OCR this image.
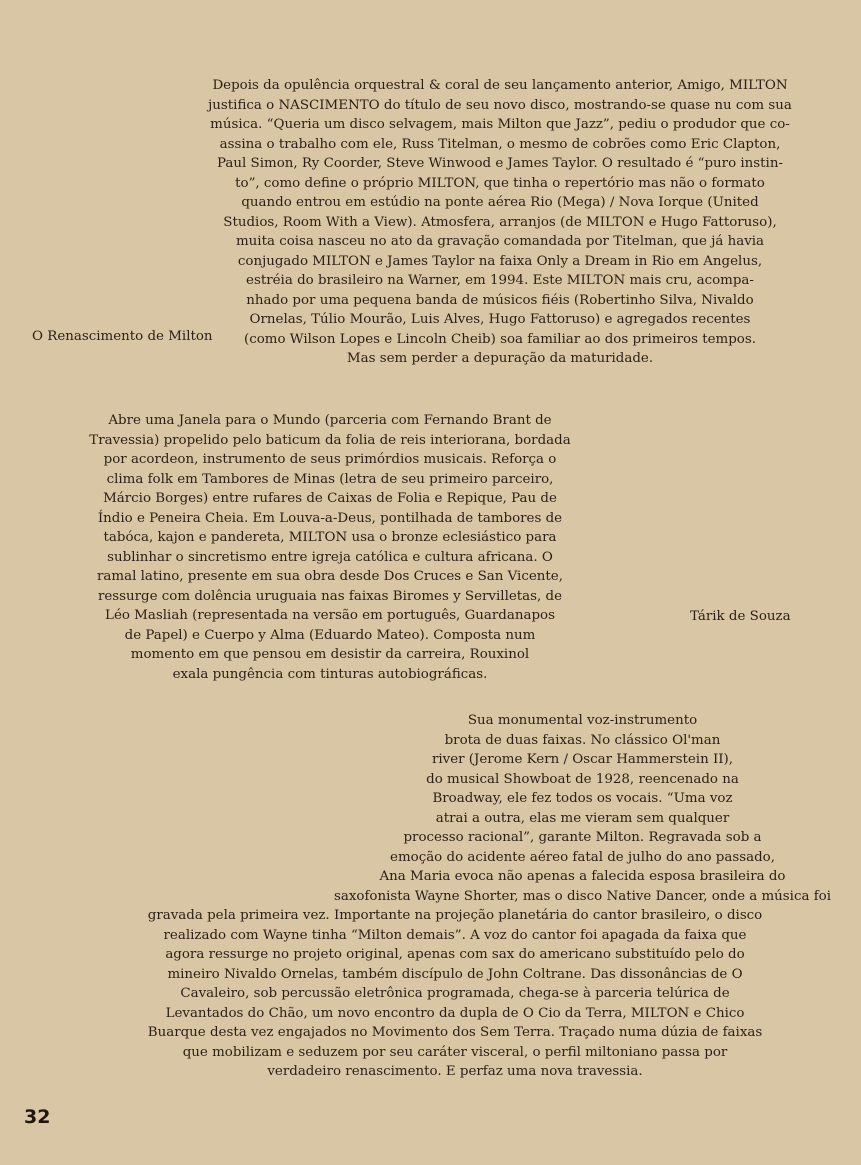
Depois da opulência orquestral & coral de seu lançamento anterior, Amigo, MILTON
justifica o NASCIMENTO do título de seu novo disco, mostrando-se quase nu com sua
música. “Queria um disco selvagem, mais Milton que Jazz”, pediu o produdor que co-
assina o trabalho com ele, Russ Titelman, o mesmo de cobrões como Eric Clapton,
Paul Simon, Ry Coorder, Steve Winwood e James Taylor. O resultado é “puro instin-
to”, como define o próprio MILTON, que tinha o repertório mas não o formato
quando entrou em estúdio na ponte aérea Rio (Mega) / Nova Iorque (United
Studios, Room With a View). Atmosfera, arranjos (de MILTON e Hugo Fattoruso),
muita coisa nasceu no ato da gravação comandada por Titelman, que já havia
conjugado MILTON e James Taylor na faixa Only a Dream in Rio em Angelus,
estréia do brasileiro na Warner, em 1994. Este MILTON mais cru, acompa-
nhado por uma pequena banda de músicos fiéis (Robertinho Silva, Nivaldo
Ornelas, Túlio Mourão, Luis Alves, Hugo Fattoruso) e agregados recentes
(como Wilson Lopes e Lincoln Cheib) soa familiar ao dos primeiros tempos.
Mas sem perder a depuração da maturidade.
O Renascimento de Milton
Abre uma Janela para o Mundo (parceria com Fernando Brant de
Travessia) propelido pelo baticum da folia de reis interiorana, bordada
por acordeon, instrumento de seus primórdios musicais. Reforça o
clima folk em Tambores de Minas (letra de seu primeiro parceiro,
Márcio Borges) entre rufares de Caixas de Folia e Repique, Pau de
Índio e Peneira Cheia. Em Louva-a-Deus, pontilhada de tambores de
tabóca, kajon e pandereta, MILTON usa o bronze eclesiástico para
sublinhar o sincretismo entre igreja católica e cultura africana. O
ramal latino, presente em sua obra desde Dos Cruces e San Vicente,
ressurge com dolência uruguaia nas faixas Biromes y Servilletas, de
Léo Masliah (representada na versão em português, Guardanapos
de Papel) e Cuerpo y Alma (Eduardo Mateo). Composta num
momento em que pensou em desistir da carreira, Rouxinol
exala pungência com tinturas autobiográficas.
Tárik de Souza
Sua monumental voz-instrumento
brota de duas faixas. No clássico Ol'man
river (Jerome Kern / Oscar Hammerstein II),
do musical Showboat de 1928, reencenado na
Broadway, ele fez todos os vocais. “Uma voz
atrai a outra, elas me vieram sem qualquer
processo racional”, garante Milton. Regravada sob a
emoção do acidente aéreo fatal de julho do ano passado,
Ana Maria evoca não apenas a falecida esposa brasileira do
saxofonista Wayne Shorter, mas o disco Native Dancer, onde a música foi
gravada pela primeira vez. Importante na projeção planetária do cantor brasileiro, o disco
realizado com Wayne tinha “Milton demais”. A voz do cantor foi apagada da faixa que
agora ressurge no projeto original, apenas com sax do americano substituído pelo do
mineiro Nivaldo Ornelas, também discípulo de John Coltrane. Das dissonâncias de O
Cavaleiro, sob percussão eletrônica programada, chega-se à parceria telúrica de
Levantados do Chão, um novo encontro da dupla de O Cio da Terra, MILTON e Chico
Buarque desta vez engajados no Movimento dos Sem Terra. Traçado numa dúzia de faixas
que mobilizam e seduzem por seu caráter visceral, o perfil miltoniano passa por
verdadeiro renascimento. E perfaz uma nova travessia.
32
